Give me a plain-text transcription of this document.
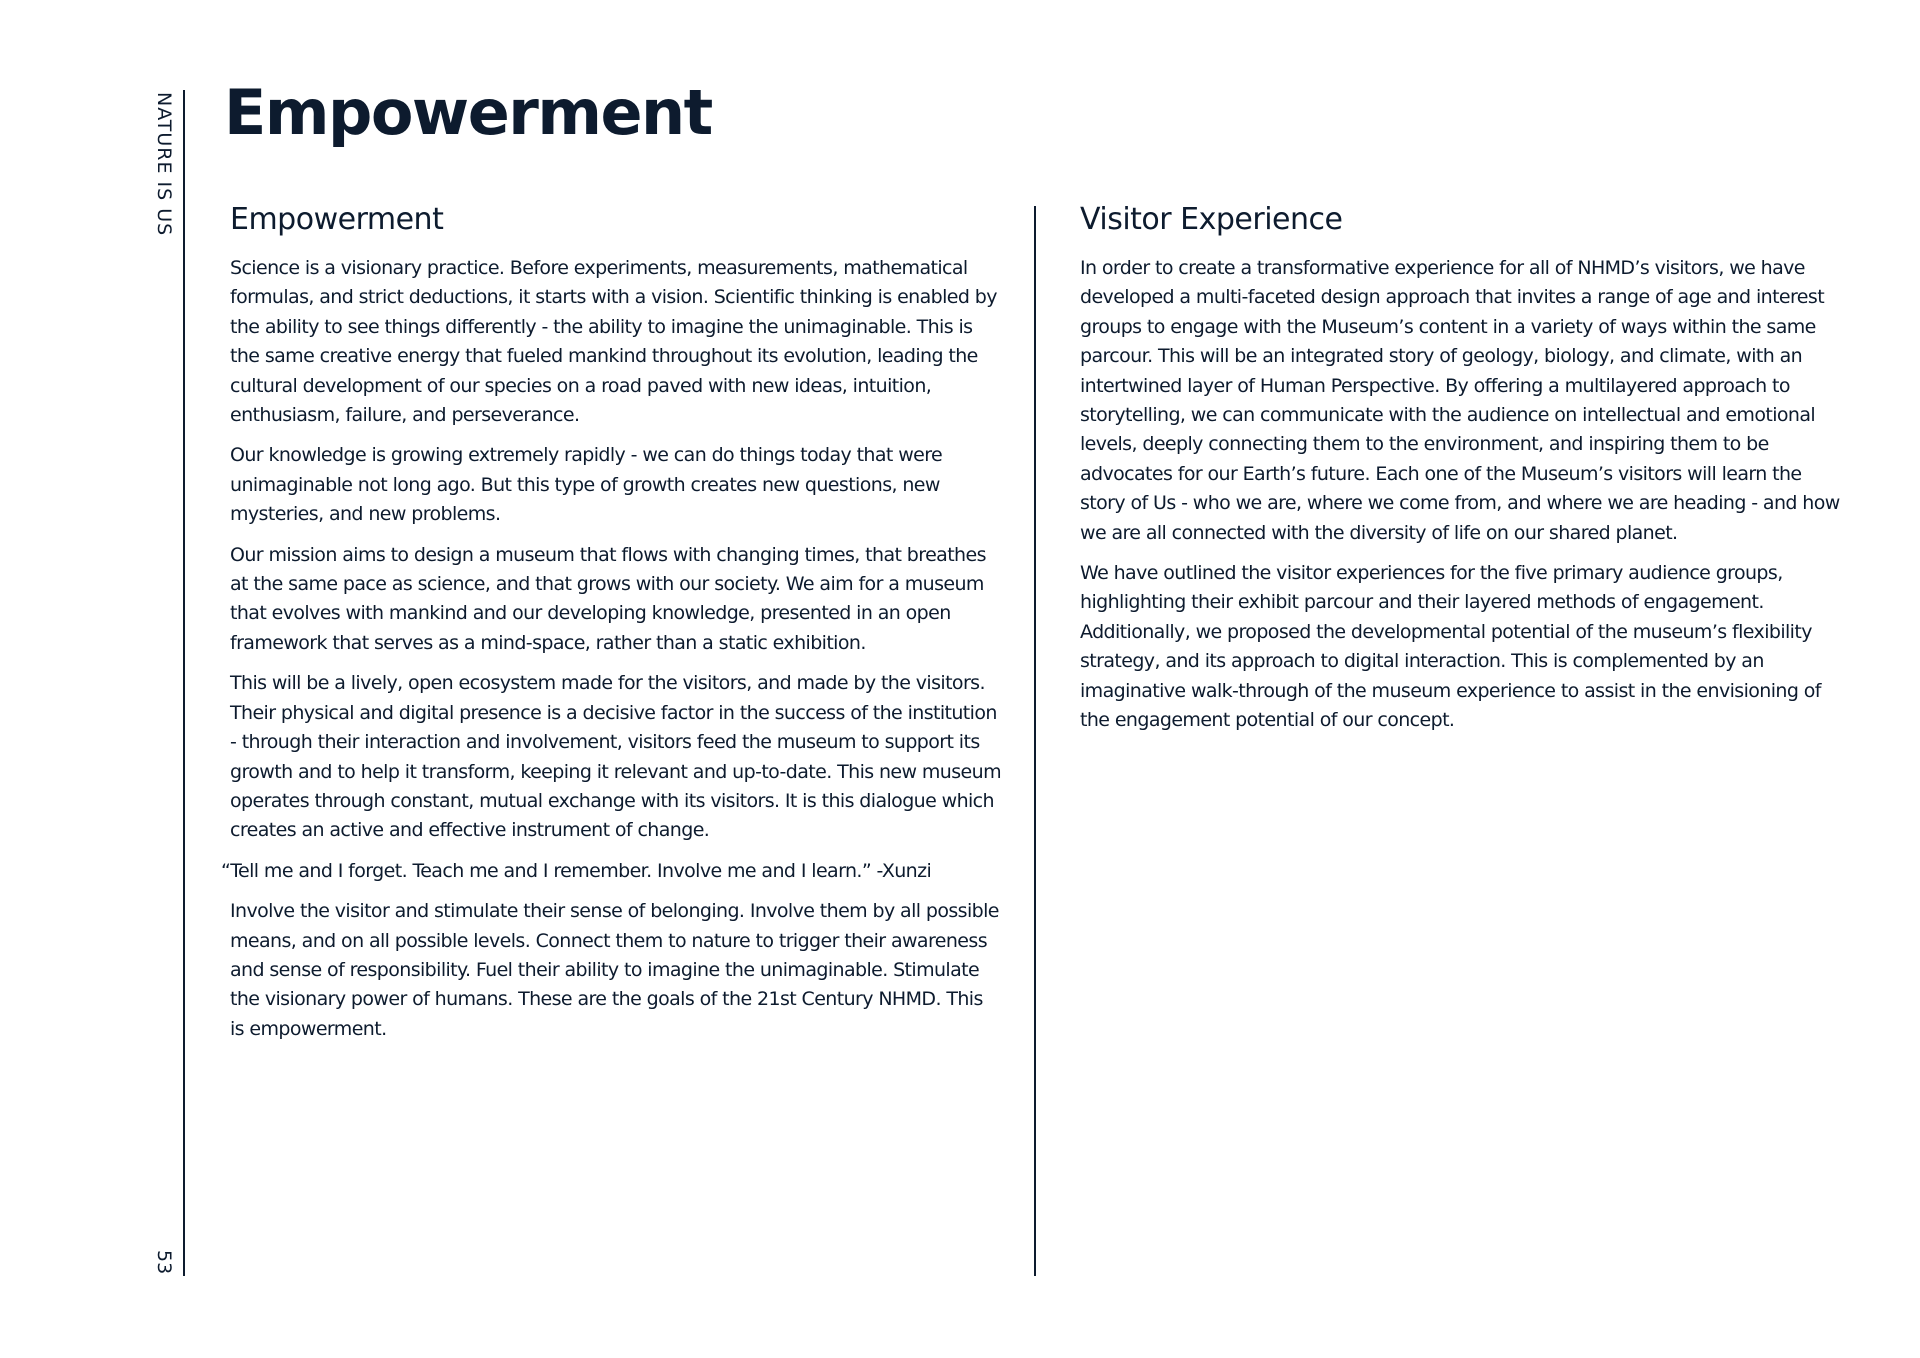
NATURE IS US
53
Empowerment
Empowerment

Science is a visionary practice. Before experiments, measurements, mathematical formulas, and strict deductions, it starts with a vision. Scientific thinking is enabled by the ability to see things differently - the ability to imagine the unimaginable. This is the same creative energy that fueled mankind throughout its evolution, leading the cultural development of our species on a road paved with new ideas, intuition, enthusiasm, failure, and perseverance.

Our knowledge is growing extremely rapidly - we can do things today that were unimaginable not long ago. But this type of growth creates new questions, new mysteries, and new problems.

Our mission aims to design a museum that flows with changing times, that breathes at the same pace as science, and that grows with our society. We aim for a museum that evolves with mankind and our developing knowledge, presented in an open framework that serves as a mind-space, rather than a static exhibition.

This will be a lively, open ecosystem made for the visitors, and made by the visitors. Their physical and digital presence is a decisive factor in the success of the institution - through their interaction and involvement, visitors feed the museum to support its growth and to help it transform, keeping it relevant and up-to-date. This new museum operates through constant, mutual exchange with its visitors. It is this dialogue which creates an active and effective instrument of change.

“Tell me and I forget. Teach me and I remember. Involve me and I learn.” -Xunzi

Involve the visitor and stimulate their sense of belonging. Involve them by all possible means, and on all possible levels. Connect them to nature to trigger their awareness and sense of responsibility. Fuel their ability to imagine the unimaginable. Stimulate the visionary power of humans. These are the goals of the 21st Century NHMD. This is empowerment.

Visitor Experience

In order to create a transformative experience for all of NHMD’s visitors, we have developed a multi-faceted design approach that invites a range of age and interest groups to engage with the Museum’s content in a variety of ways within the same parcour. This will be an integrated story of geology, biology, and climate, with an intertwined layer of Human Perspective. By offering a multilayered approach to storytelling, we can communicate with the audience on intellectual and emotional levels, deeply connecting them to the environment, and inspiring them to be advocates for our Earth’s future. Each one of the Museum’s visitors will learn the story of Us - who we are, where we come from, and where we are heading - and how we are all connected with the diversity of life on our shared planet.

We have outlined the visitor experiences for the five primary audience groups, highlighting their exhibit parcour and their layered methods of engagement. Additionally, we proposed the developmental potential of the museum’s flexibility strategy, and its approach to digital interaction. This is complemented by an imaginative walk-through of the museum experience to assist in the envisioning of the engagement potential of our concept.
